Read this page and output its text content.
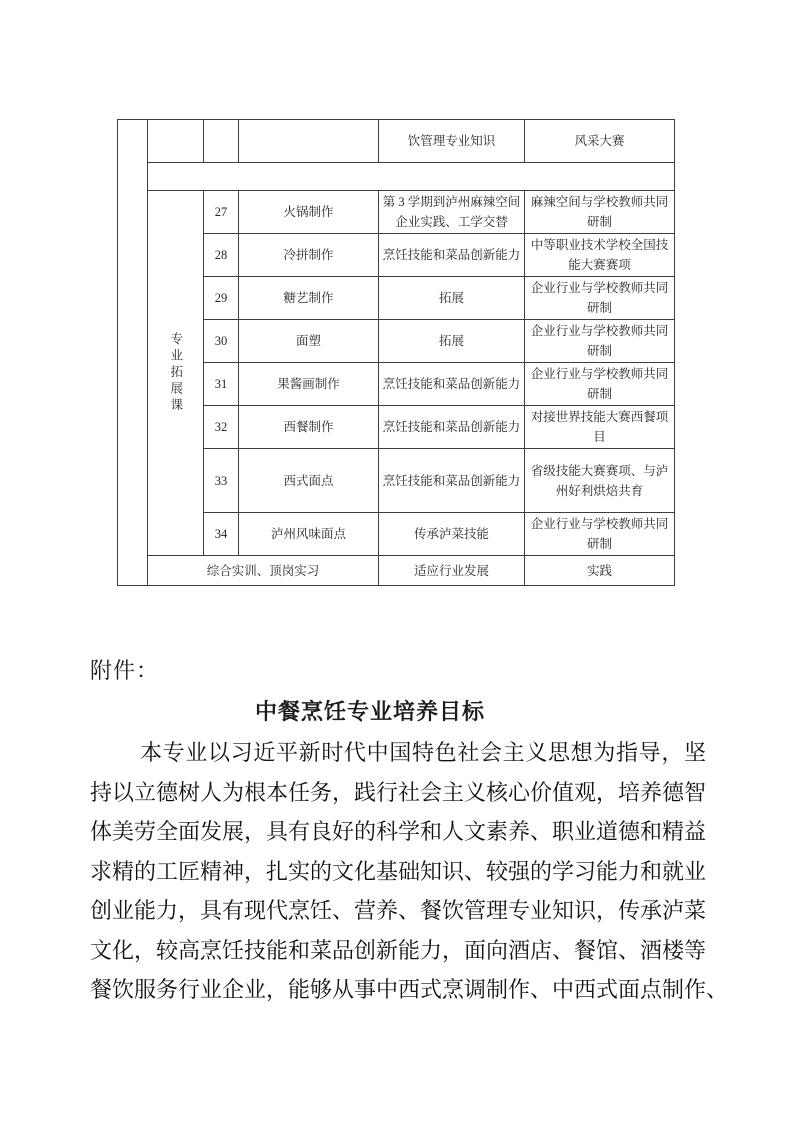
				饮管理专业知识	风采大赛

	专业拓展课	27	火锅制作	第 3 学期到泸州麻辣空间企业实践、工学交替	麻辣空间与学校教师共同研制
		28	冷拼制作	烹饪技能和菜品创新能力	中等职业技术学校全国技能大赛赛项
		29	糖艺制作	拓展	企业行业与学校教师共同研制
		30	面塑	拓展	企业行业与学校教师共同研制
		31	果酱画制作	烹饪技能和菜品创新能力	企业行业与学校教师共同研制
		32	西餐制作	烹饪技能和菜品创新能力	对接世界技能大赛西餐项目
		33	西式面点	烹饪技能和菜品创新能力	省级技能大赛赛项、与泸州好利烘焙共育
		34	泸州风味面点	传承泸菜技能	企业行业与学校教师共同研制
	综合实训、顶岗实习			适应行业发展	实践
附件：
中餐烹饪专业培养目标
本专业以习近平新时代中国特色社会主义思想为指导，坚
持以立德树人为根本任务，践行社会主义核心价值观，培养德智
体美劳全面发展，具有良好的科学和人文素养、职业道德和精益
求精的工匠精神，扎实的文化基础知识、较强的学习能力和就业
创业能力，具有现代烹饪、营养、餐饮管理专业知识，传承泸菜
文化，较高烹饪技能和菜品创新能力，面向酒店、餐馆、酒楼等
餐饮服务行业企业，能够从事中西式烹调制作、中西式面点制作、
